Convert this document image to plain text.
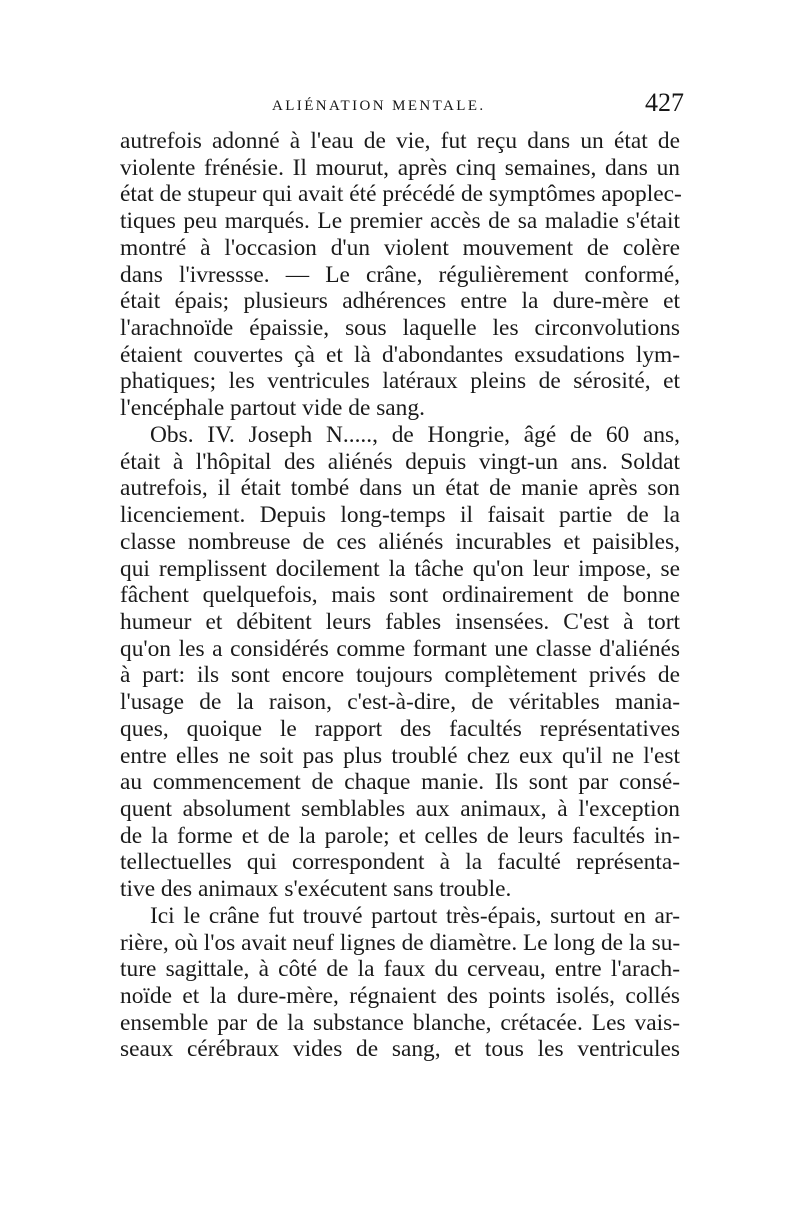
ALIÉNATION MENTALE.	427
autrefois adonné à l'eau de vie, fut reçu dans un état de
violente frénésie. Il mourut, après cinq semaines, dans un
état de stupeur qui avait été précédé de symptômes apoplec-
tiques peu marqués. Le premier accès de sa maladie s'était
montré à l'occasion d'un violent mouvement de colère
dans l'ivressse. — Le crâne, régulièrement conformé,
était épais; plusieurs adhérences entre la dure-mère et
l'arachnoïde épaissie, sous laquelle les circonvolutions
étaient couvertes çà et là d'abondantes exsudations lym-
phatiques; les ventricules latéraux pleins de sérosité, et
l'encéphale partout vide de sang.
Obs. IV. Joseph N....., de Hongrie, âgé de 60 ans,
était à l'hôpital des aliénés depuis vingt-un ans. Soldat
autrefois, il était tombé dans un état de manie après son
licenciement. Depuis long-temps il faisait partie de la
classe nombreuse de ces aliénés incurables et paisibles,
qui remplissent docilement la tâche qu'on leur impose, se
fâchent quelquefois, mais sont ordinairement de bonne
humeur et débitent leurs fables insensées. C'est à tort
qu'on les a considérés comme formant une classe d'aliénés
à part: ils sont encore toujours complètement privés de
l'usage de la raison, c'est-à-dire, de véritables mania-
ques, quoique le rapport des facultés représentatives
entre elles ne soit pas plus troublé chez eux qu'il ne l'est
au commencement de chaque manie. Ils sont par consé-
quent absolument semblables aux animaux, à l'exception
de la forme et de la parole; et celles de leurs facultés in-
tellectuelles qui correspondent à la faculté représenta-
tive des animaux s'exécutent sans trouble.
Ici le crâne fut trouvé partout très-épais, surtout en ar-
rière, où l'os avait neuf lignes de diamètre. Le long de la su-
ture sagittale, à côté de la faux du cerveau, entre l'arach-
noïde et la dure-mère, régnaient des points isolés, collés
ensemble par de la substance blanche, crétacée. Les vais-
seaux cérébraux vides de sang, et tous les ventricules
